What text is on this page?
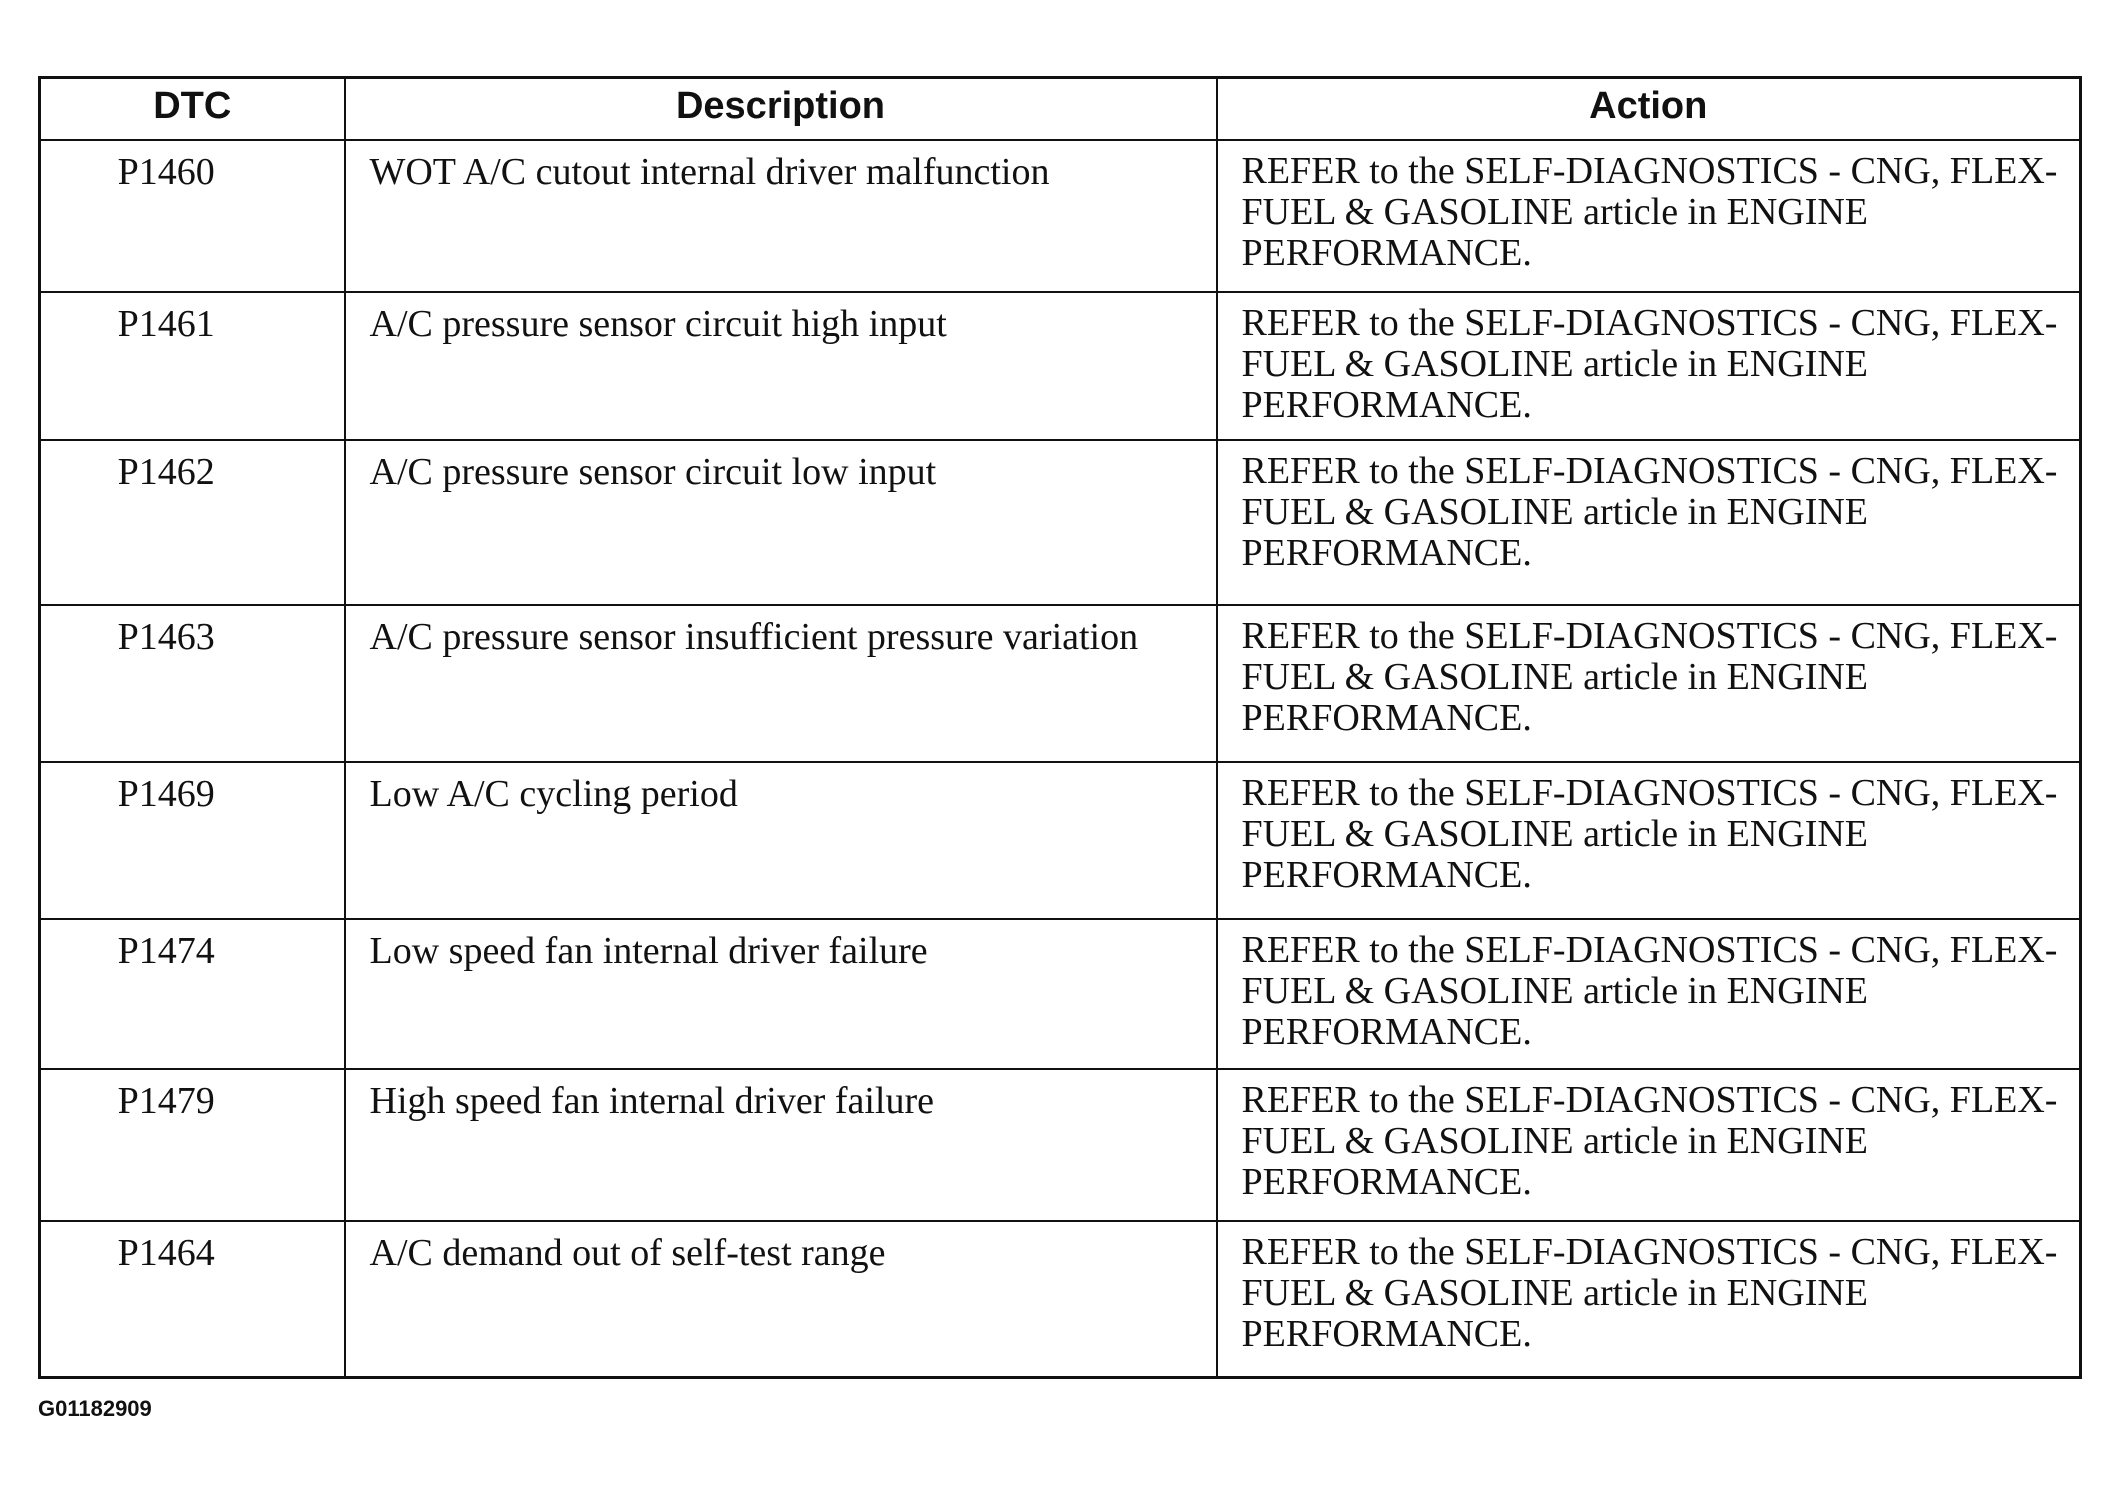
DTC	Description	Action
P1460	WOT A/C cutout internal driver malfunction	REFER to the SELF-DIAGNOSTICS - CNG, FLEX-FUEL & GASOLINE article in ENGINE PERFORMANCE.
P1461	A/C pressure sensor circuit high input	REFER to the SELF-DIAGNOSTICS - CNG, FLEX-FUEL & GASOLINE article in ENGINE PERFORMANCE.
P1462	A/C pressure sensor circuit low input	REFER to the SELF-DIAGNOSTICS - CNG, FLEX-FUEL & GASOLINE article in ENGINE PERFORMANCE.
P1463	A/C pressure sensor insufficient pressure variation	REFER to the SELF-DIAGNOSTICS - CNG, FLEX-FUEL & GASOLINE article in ENGINE PERFORMANCE.
P1469	Low A/C cycling period	REFER to the SELF-DIAGNOSTICS - CNG, FLEX-FUEL & GASOLINE article in ENGINE PERFORMANCE.
P1474	Low speed fan internal driver failure	REFER to the SELF-DIAGNOSTICS - CNG, FLEX-FUEL & GASOLINE article in ENGINE PERFORMANCE.
P1479	High speed fan internal driver failure	REFER to the SELF-DIAGNOSTICS - CNG, FLEX-FUEL & GASOLINE article in ENGINE PERFORMANCE.
P1464	A/C demand out of self-test range	REFER to the SELF-DIAGNOSTICS - CNG, FLEX-FUEL & GASOLINE article in ENGINE PERFORMANCE.
G01182909
